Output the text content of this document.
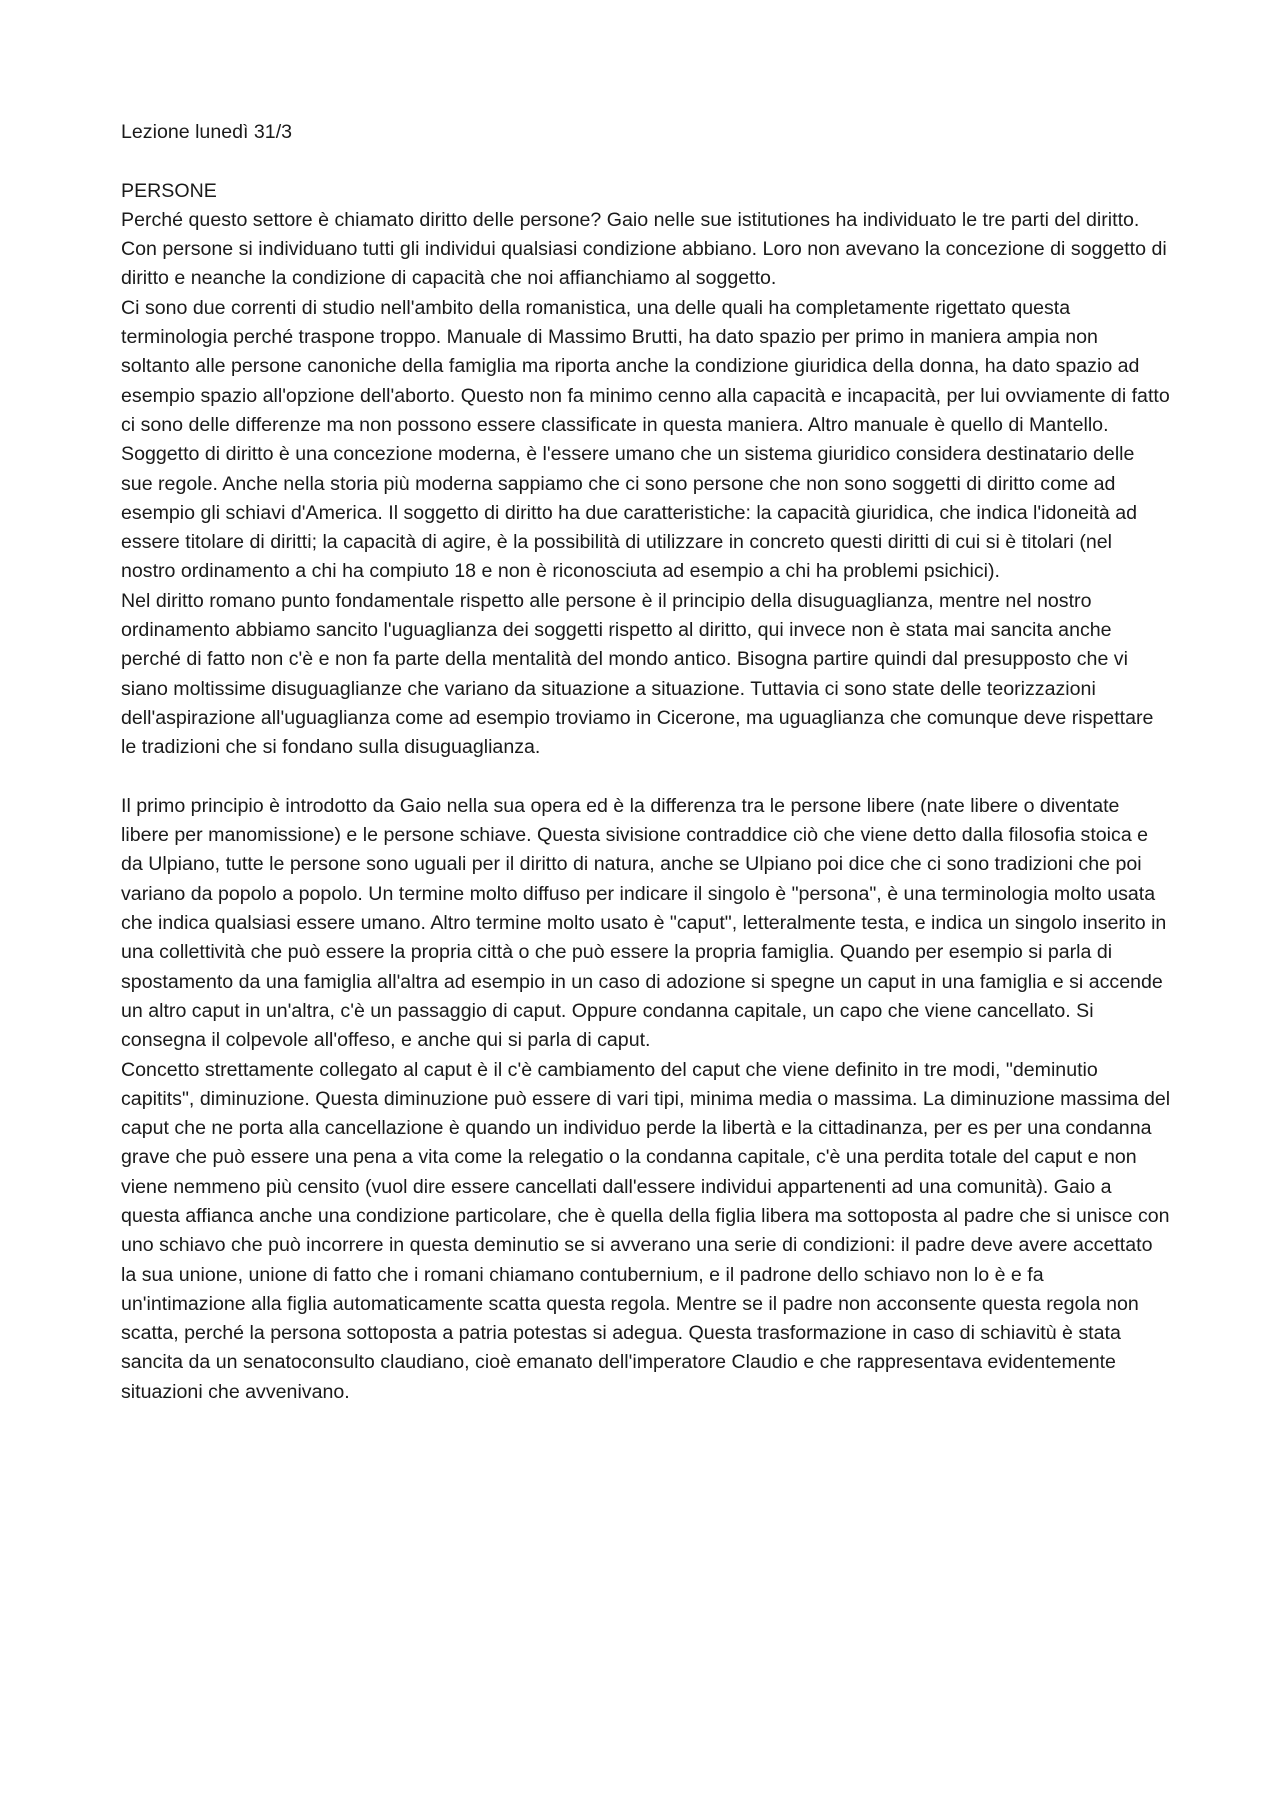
Lezione lunedì 31/3

PERSONE

Perché questo settore è chiamato diritto delle persone? Gaio nelle sue istitutiones ha individuato le tre parti del diritto. Con persone si individuano tutti gli individui qualsiasi condizione abbiano. Loro non avevano la concezione di soggetto di diritto e neanche la condizione di capacità che noi affianchiamo al soggetto.

Ci sono due correnti di studio nell'ambito della romanistica, una delle quali ha completamente rigettato questa terminologia perché traspone troppo. Manuale di Massimo Brutti, ha dato spazio per primo in maniera ampia non soltanto alle persone canoniche della famiglia ma riporta anche la condizione giuridica della donna, ha dato spazio ad esempio spazio all'opzione dell'aborto. Questo non fa minimo cenno alla capacità e incapacità, per lui ovviamente di fatto ci sono delle differenze ma non possono essere classificate in questa maniera. Altro manuale è quello di Mantello.

Soggetto di diritto è una concezione moderna, è l'essere umano che un sistema giuridico considera destinatario delle sue regole. Anche nella storia più moderna sappiamo che ci sono persone che non sono soggetti di diritto come ad esempio gli schiavi d'America. Il soggetto di diritto ha due caratteristiche: la capacità giuridica, che indica l'idoneità ad essere titolare di diritti; la capacità di agire, è la possibilità di utilizzare in concreto questi diritti di cui si è titolari (nel nostro ordinamento a chi ha compiuto 18 e non è riconosciuta ad esempio a chi ha problemi psichici).

Nel diritto romano punto fondamentale rispetto alle persone è il principio della disuguaglianza, mentre nel nostro ordinamento abbiamo sancito l'uguaglianza dei soggetti rispetto al diritto, qui invece non è stata mai sancita anche perché di fatto non c'è e non fa parte della mentalità del mondo antico. Bisogna partire quindi dal presupposto che vi siano moltissime disuguaglianze che variano da situazione a situazione. Tuttavia ci sono state delle teorizzazioni dell'aspirazione all'uguaglianza come ad esempio troviamo in Cicerone, ma uguaglianza che comunque deve rispettare le tradizioni che si fondano sulla disuguaglianza.

Il primo principio è introdotto da Gaio nella sua opera ed è la differenza tra le persone libere (nate libere o diventate libere per manomissione) e le persone schiave. Questa sivisione contraddice ciò che viene detto dalla filosofia stoica e da Ulpiano, tutte le persone sono uguali per il diritto di natura, anche se Ulpiano poi dice che ci sono tradizioni che poi variano da popolo a popolo. Un termine molto diffuso per indicare il singolo è "persona", è una terminologia molto usata che indica qualsiasi essere umano. Altro termine molto usato è "caput", letteralmente testa, e indica un singolo inserito in una collettività che può essere la propria città o che può essere la propria famiglia. Quando per esempio si parla di spostamento da una famiglia all'altra ad esempio in un caso di adozione si spegne un caput in una famiglia e si accende un altro caput in un'altra, c'è un passaggio di caput. Oppure condanna capitale, un capo che viene cancellato. Si consegna il colpevole all'offeso, e anche qui si parla di caput.

Concetto strettamente collegato al caput è il c'è cambiamento del caput che viene definito in tre modi, "deminutio capitits", diminuzione. Questa diminuzione può essere di vari tipi, minima media o massima. La diminuzione massima del caput che ne porta alla cancellazione è quando un individuo perde la libertà e la cittadinanza, per es per una condanna grave che può essere una pena a vita come la relegatio o la condanna capitale, c'è una perdita totale del caput e non viene nemmeno più censito (vuol dire essere cancellati dall'essere individui appartenenti ad una comunità). Gaio a questa affianca anche una condizione particolare, che è quella della figlia libera ma sottoposta al padre che si unisce con uno schiavo che può incorrere in questa deminutio se si avverano una serie di condizioni: il padre deve avere accettato la sua unione, unione di fatto che i romani chiamano contubernium, e il padrone dello schiavo non lo è e fa un'intimazione alla figlia automaticamente scatta questa regola. Mentre se il padre non acconsente questa regola non scatta, perché la persona sottoposta a patria potestas si adegua. Questa trasformazione in caso di schiavitù è stata sancita da un senatoconsulto claudiano, cioè emanato dell'imperatore Claudio e che rappresentava evidentemente situazioni che avvenivano.
